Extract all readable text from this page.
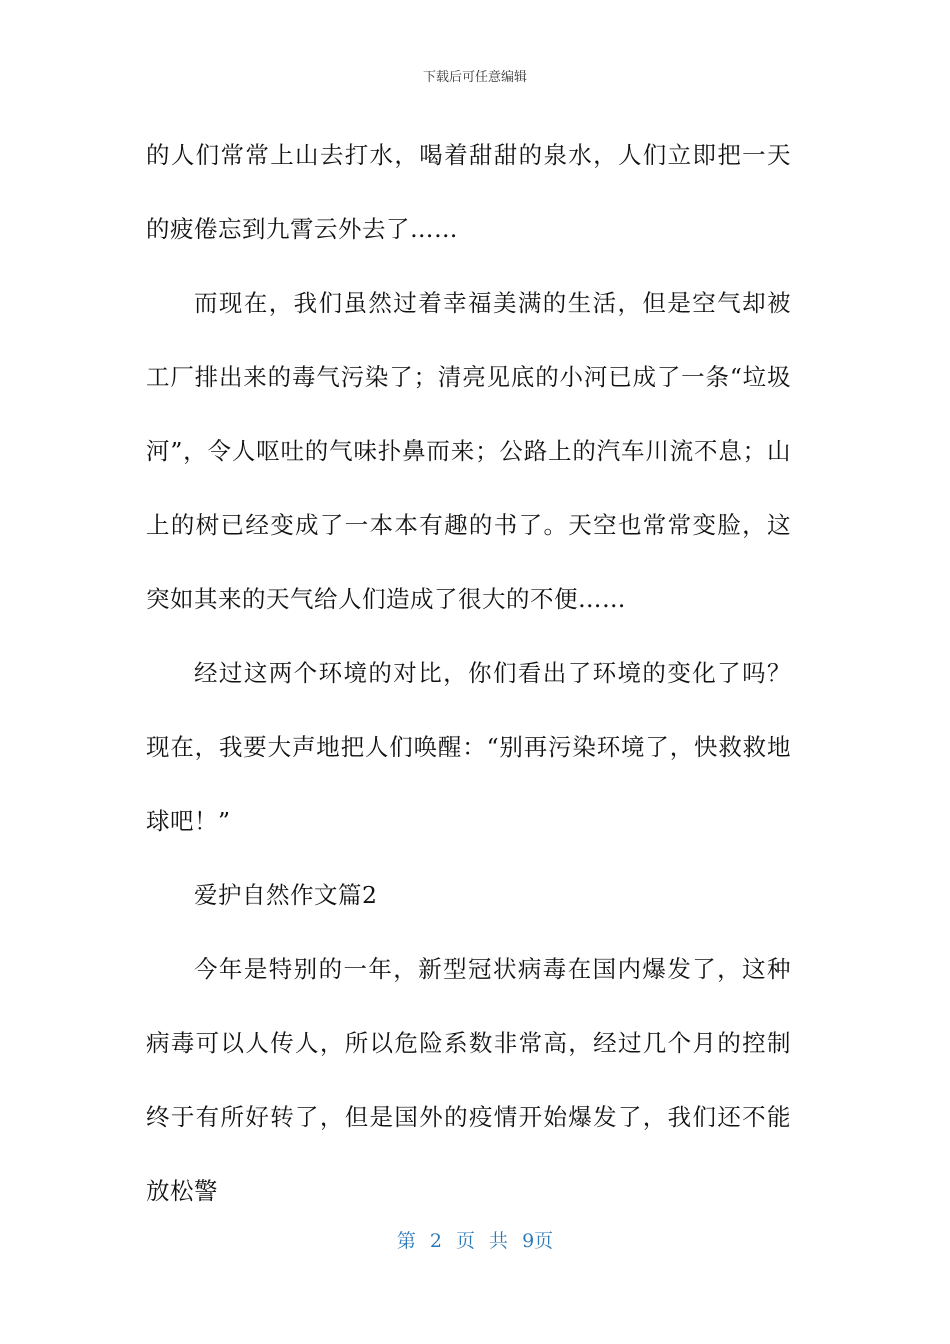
下载后可任意编辑

的人们常常上山去打水，喝着甜甜的泉水，人们立即把一天的疲倦忘到九霄云外去了……

而现在，我们虽然过着幸福美满的生活，但是空气却被工厂排出来的毒气污染了；清亮见底的小河已成了一条“垃圾河”，令人呕吐的气味扑鼻而来；公路上的汽车川流不息；山上的树已经变成了一本本有趣的书了。天空也常常变脸，这突如其来的天气给人们造成了很大的不便……

经过这两个环境的对比，你们看出了环境的变化了吗？现在，我要大声地把人们唤醒：“别再污染环境了，快救救地球吧！”

爱护自然作文篇2

今年是特别的一年，新型冠状病毒在国内爆发了，这种病毒可以人传人，所以危险系数非常高，经过几个月的控制终于有所好转了，但是国外的疫情开始爆发了，我们还不能放松警

第 2 页 共 9页
